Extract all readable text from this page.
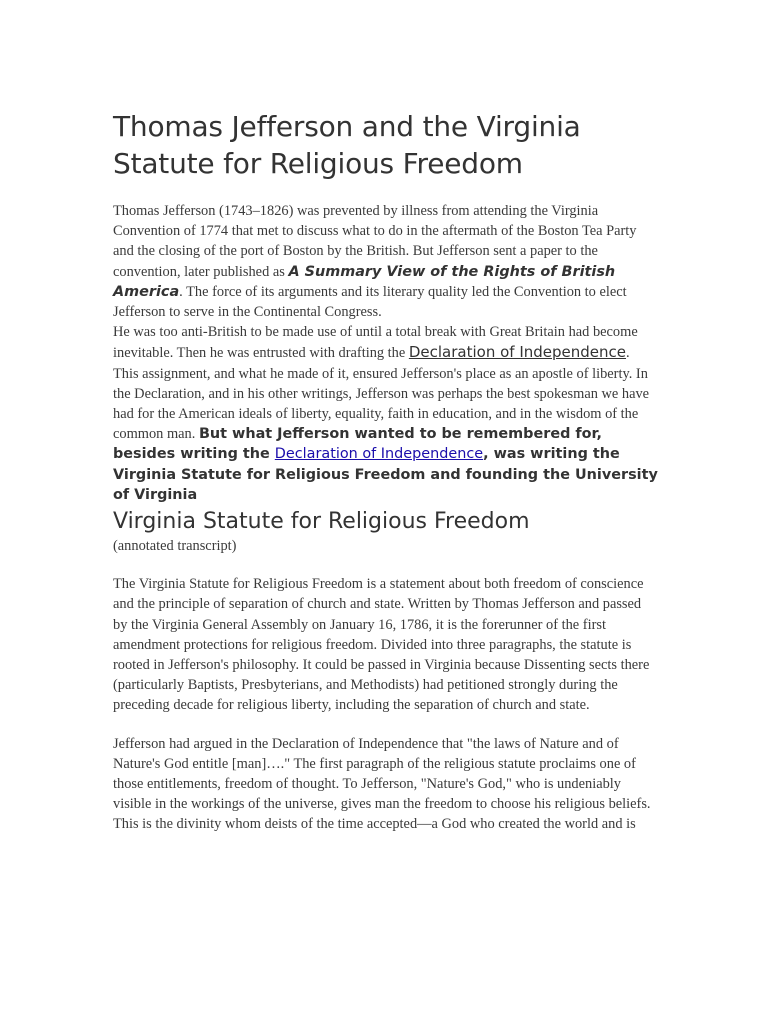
Thomas Jefferson and the Virginia Statute for Religious Freedom

Thomas Jefferson (1743–1826) was prevented by illness from attending the Virginia Convention of 1774 that met to discuss what to do in the aftermath of the Boston Tea Party and the closing of the port of Boston by the British. But Jefferson sent a paper to the convention, later published as A Summary View of the Rights of British America. The force of its arguments and its literary quality led the Convention to elect Jefferson to serve in the Continental Congress.

He was too anti-British to be made use of until a total break with Great Britain had become inevitable. Then he was entrusted with drafting the Declaration of Independence. This assignment, and what he made of it, ensured Jefferson's place as an apostle of liberty. In the Declaration, and in his other writings, Jefferson was perhaps the best spokesman we have had for the American ideals of liberty, equality, faith in education, and in the wisdom of the common man. But what Jefferson wanted to be remembered for, besides writing the Declaration of Independence, was writing the Virginia Statute for Religious Freedom and founding the University of Virginia

Virginia Statute for Religious Freedom

(annotated transcript)

The Virginia Statute for Religious Freedom is a statement about both freedom of conscience and the principle of separation of church and state. Written by Thomas Jefferson and passed by the Virginia General Assembly on January 16, 1786, it is the forerunner of the first amendment protections for religious freedom. Divided into three paragraphs, the statute is rooted in Jefferson's philosophy. It could be passed in Virginia because Dissenting sects there (particularly Baptists, Presbyterians, and Methodists) had petitioned strongly during the preceding decade for religious liberty, including the separation of church and state.

Jefferson had argued in the Declaration of Independence that "the laws of Nature and of Nature's God entitle [man]…." The first paragraph of the religious statute proclaims one of those entitlements, freedom of thought. To Jefferson, "Nature's God," who is undeniably visible in the workings of the universe, gives man the freedom to choose his religious beliefs. This is the divinity whom deists of the time accepted—a God who created the world and is
